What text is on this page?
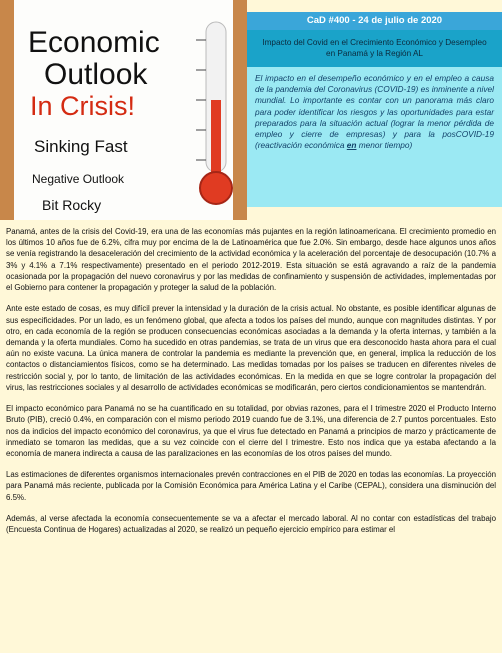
Economic
Outlook
In Crisis!
Sinking Fast
Negative Outlook
Bit Rocky
CaD #400 - 24 de julio de 2020
Impacto del Covid en el Crecimiento Económico y Desempleo en Panamá y la Región AL
El impacto en el desempeño económico y en el empleo a causa de la pandemia del Coronavirus (COVID-19) es inminente a nivel mundial. Lo importante es contar con un panorama más claro para poder identificar los riesgos y las oportunidades para estar preparados para la situación actual (lograr la menor pérdida de empleo y cierre de empresas) y para la posCOVID-19 (reactivación económica en menor tiempo)

Panamá, antes de la crisis del Covid-19, era una de las economías más pujantes en la región latinoamericana. El crecimiento promedio en los últimos 10 años fue de 6.2%, cifra muy por encima de la de Latinoamérica que fue 2.0%. Sin embargo, desde hace algunos unos años se venía registrando la desaceleración del crecimiento de la actividad económica y la aceleración del porcentaje de desocupación (10.7% a 3% y 4.1% a 7.1% respectivamente) presentado en el periodo 2012-2019. Esta situación se está agravando a raíz de la pandemia ocasionada por la propagación del nuevo coronavirus y por las medidas de confinamiento y suspensión de actividades, implementadas por el Gobierno para contener la propagación y proteger la salud de la población.

Ante este estado de cosas, es muy difícil prever la intensidad y la duración de la crisis actual. No obstante, es posible identificar algunas de sus especificidades. Por un lado, es un fenómeno global, que afecta a todos los países del mundo, aunque con magnitudes distintas. Y por otro, en cada economía de la región se producen consecuencias económicas asociadas a la demanda y la oferta internas, y también a la demanda y la oferta mundiales. Como ha sucedido en otras pandemias, se trata de un virus que era desconocido hasta ahora para el cual aún no existe vacuna. La única manera de controlar la pandemia es mediante la prevención que, en general, implica la reducción de los contactos o distanciamientos físicos, como se ha determinado. Las medidas tomadas por los países se traducen en diferentes niveles de restricción social y, por lo tanto, de limitación de las actividades económicas. En la medida en que se logre controlar la propagación del virus, las restricciones sociales y al desarrollo de actividades económicas se modificarán, pero ciertos condicionamientos se mantendrán.

El impacto económico para Panamá no se ha cuantificado en su totalidad, por obvias razones, para el I trimestre 2020 el Producto Interno Bruto (PIB), creció 0.4%, en comparación con el mismo periodo 2019 cuando fue de 3.1%, una diferencia de 2.7 puntos porcentuales. Esto nos da indicios del impacto económico del coronavirus, ya que el virus fue detectado en Panamá a principios de marzo y prácticamente de inmediato se tomaron las medidas, que a su vez coincide con el cierre del I trimestre. Esto nos indica que ya estaba afectando a la economía de manera indirecta a causa de las paralizaciones en las economías de los otros países del mundo.

Las estimaciones de diferentes organismos internacionales prevén contracciones en el PIB de 2020 en todas las economías. La proyección para Panamá más reciente, publicada por la Comisión Económica para América Latina y el Caribe (CEPAL), considera una disminución del 6.5%.

Además, al verse afectada la economía consecuentemente se va a afectar el mercado laboral. Al no contar con estadísticas del trabajo (Encuesta Continua de Hogares) actualizadas al 2020, se realizó un pequeño ejercicio empírico para estimar el
